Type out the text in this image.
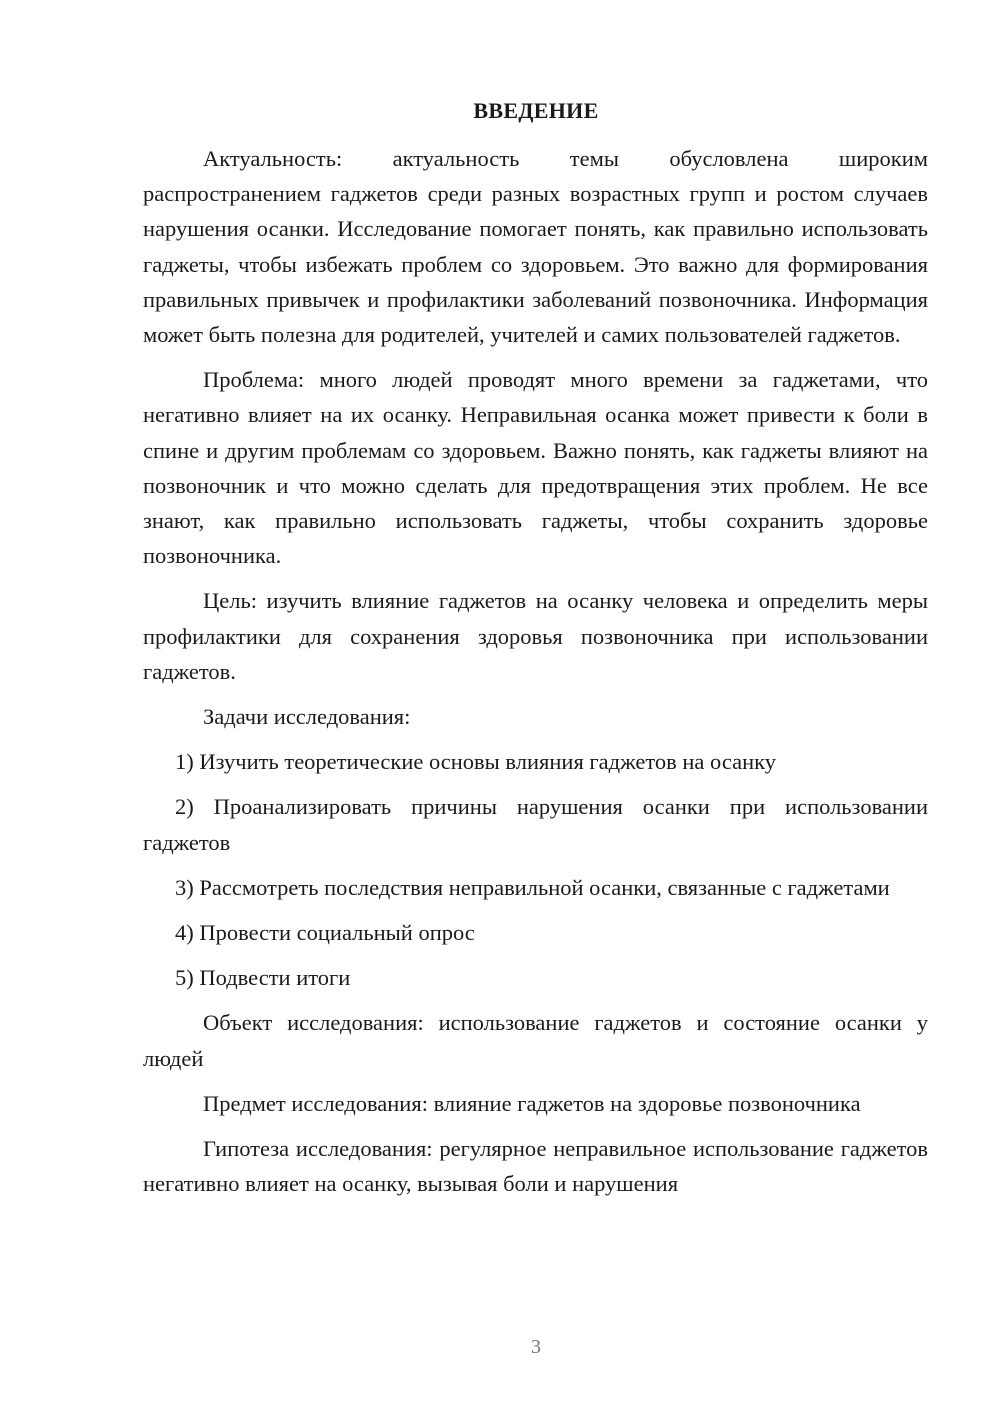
ВВЕДЕНИЕ

Актуальность: актуальность темы обусловлена широким распространением гаджетов среди разных возрастных групп и ростом случаев нарушения осанки. Исследование помогает понять, как правильно использовать гаджеты, чтобы избежать проблем со здоровьем. Это важно для формирования правильных привычек и профилактики заболеваний позвоночника. Информация может быть полезна для родителей, учителей и самих пользователей гаджетов.

Проблема: много людей проводят много времени за гаджетами, что негативно влияет на их осанку. Неправильная осанка может привести к боли в спине и другим проблемам со здоровьем. Важно понять, как гаджеты влияют на позвоночник и что можно сделать для предотвращения этих проблем. Не все знают, как правильно использовать гаджеты, чтобы сохранить здоровье позвоночника.

Цель: изучить влияние гаджетов на осанку человека и определить меры профилактики для сохранения здоровья позвоночника при использовании гаджетов.

Задачи исследования:

1) Изучить теоретические основы влияния гаджетов на осанку

2) Проанализировать причины нарушения осанки при использовании гаджетов

3) Рассмотреть последствия неправильной осанки, связанные с гаджетами

4) Провести социальный опрос

5) Подвести итоги

Объект исследования: использование гаджетов и состояние осанки у людей

Предмет исследования: влияние гаджетов на здоровье позвоночника

Гипотеза исследования: регулярное неправильное использование гаджетов негативно влияет на осанку, вызывая боли и нарушения

3
